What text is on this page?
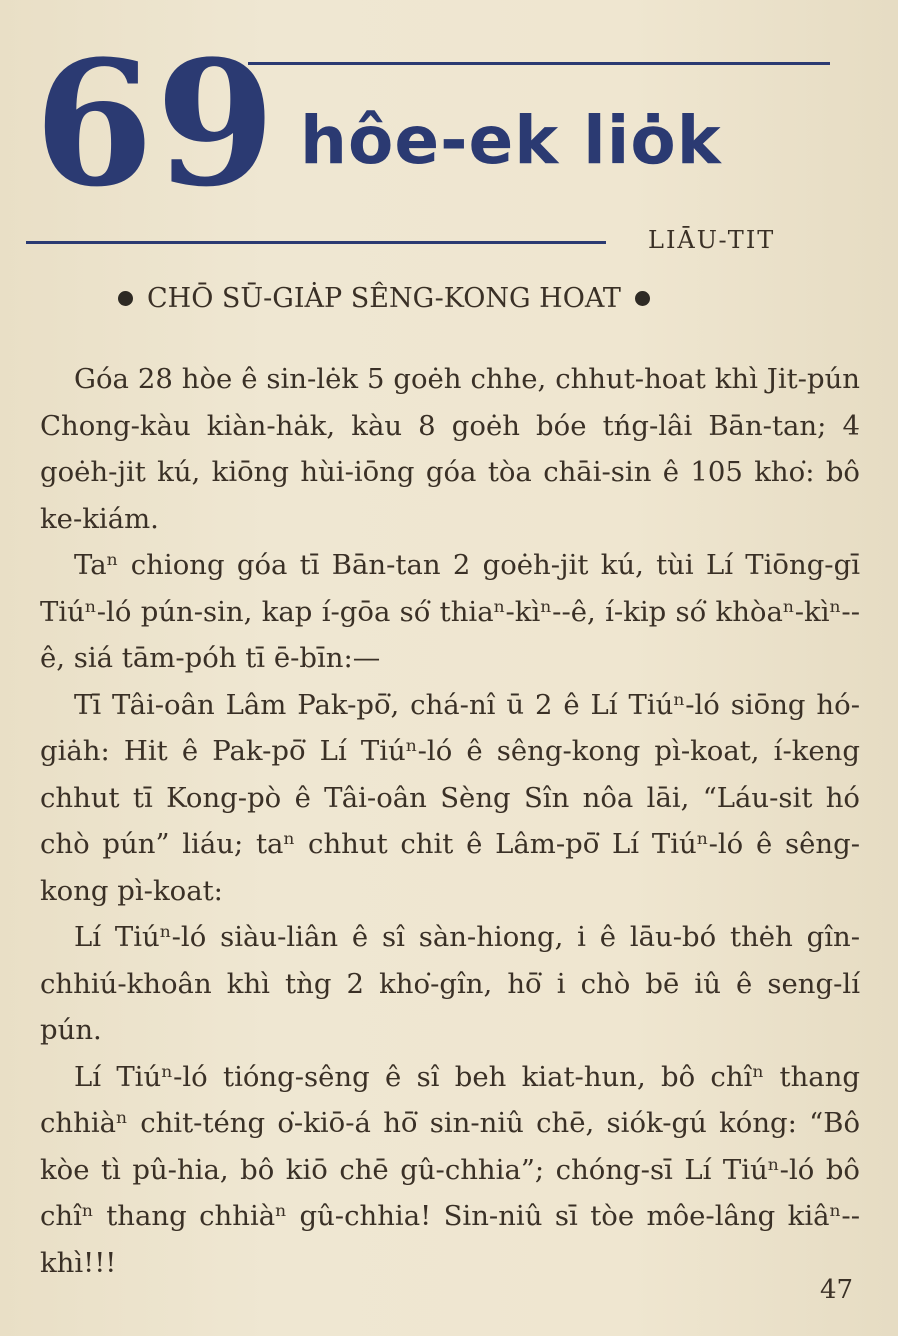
69 hôe-ek liȯk
LIĀU-TIT
CHŌ SŪ-GIȦP SÊNG-KONG HOAT

Góa 28 hòe ê sin-lėk 5 goėh chhe, chhut-hoat khì Jit-pún Chong-kàu kiàn-hȧk, kàu 8 goėh bóe tńg-lâi Bān-tan; 4 goėh-jit kú, kiōng hùi-iōng góa tòa chāi-sin ê 105 kho͘: bô ke-kiám.

Taⁿ chiong góa tī Bān-tan 2 goėh-jit kú, tùi Lí Tiōng-gī Tiúⁿ-ló pún-sin, kap í-gōa só͘ thiaⁿ-kìⁿ--ê, í-kip só͘ khòaⁿ-kìⁿ--ê, siá tām-póh tī ē-bīn:—

Tī Tâi-oân Lâm Pak-pō͘, chá-nî ū 2 ê Lí Tiúⁿ-ló siōng hó-giȧh: Hit ê Pak-pō͘ Lí Tiúⁿ-ló ê sêng-kong pì-koat, í-keng chhut tī Kong-pò ê Tâi-oân Sèng Sîn nôa lāi, “Láu-sit hó chò pún” liáu; taⁿ chhut chit ê Lâm-pō͘ Lí Tiúⁿ-ló ê sêng-kong pì-koat:

Lí Tiúⁿ-ló siàu-liân ê sî sàn-hiong, i ê lāu-bó thėh gîn-chhiú-khoân khì tǹg 2 kho͘-gîn, hō͘ i chò bē iû ê seng-lí pún.

Lí Tiúⁿ-ló tióng-sêng ê sî beh kiat-hun, bô chîⁿ thang chhiàⁿ chit-téng o͘-kiō-á hō͘ sin-niû chē, siók-gú kóng: “Bô kòe tì pû-hia, bô kiō chē gû-chhia”; chóng-sī Lí Tiúⁿ-ló bô chîⁿ thang chhiàⁿ gû-chhia! Sin-niû sī tòe môe-lâng kiâⁿ--khì!!!

47
